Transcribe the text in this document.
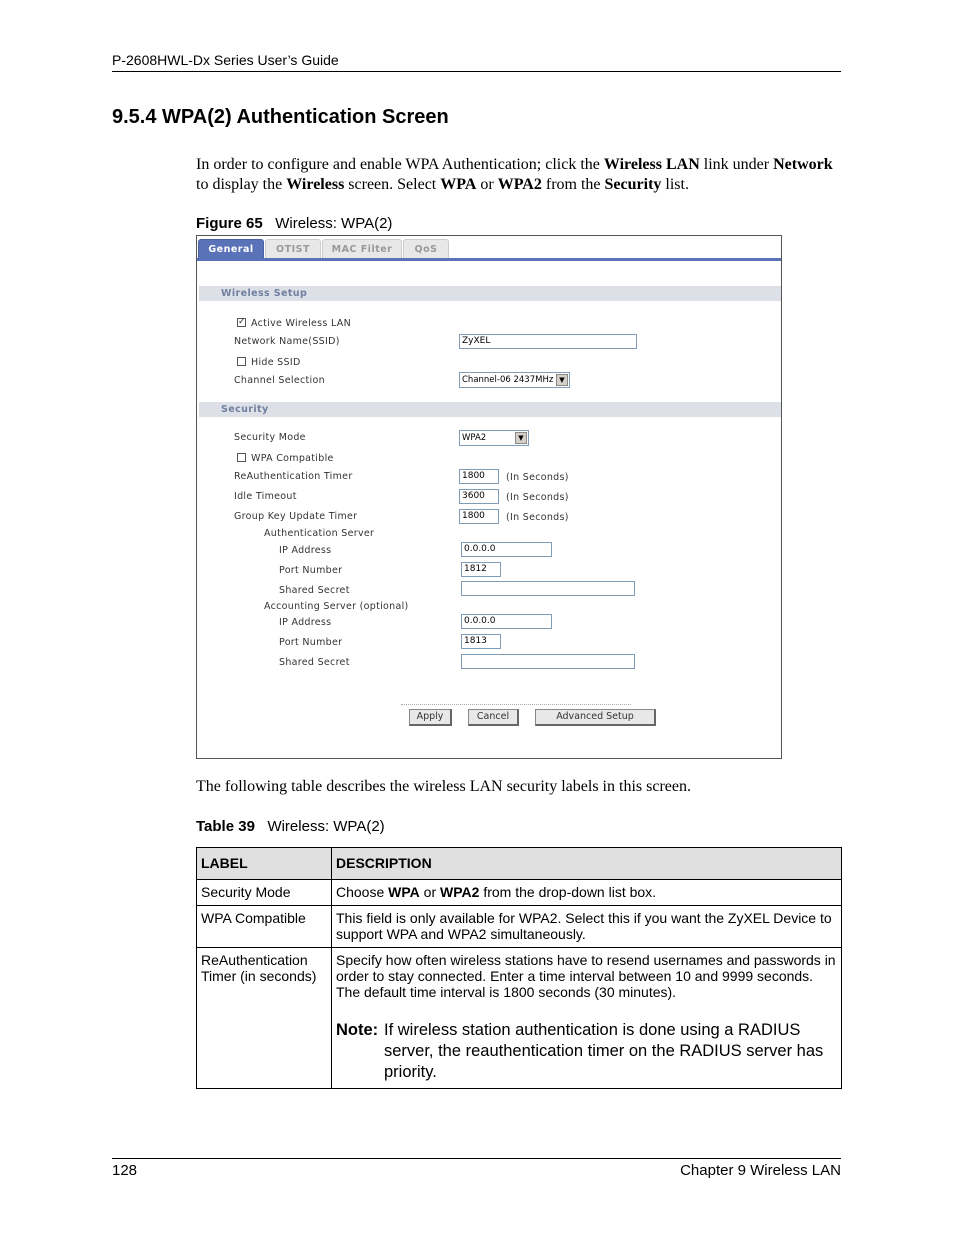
P-2608HWL-Dx Series User’s Guide
9.5.4 WPA(2) Authentication Screen
In order to configure and enable WPA Authentication; click the Wireless LAN link under Network to display the Wireless screen. Select WPA or WPA2 from the Security list.
Figure 65 Wireless: WPA(2)
General	OTIST	MAC Filter	QoS
Wireless Setup
✓ Active Wireless LAN
Network Name(SSID)	ZyXEL
Hide SSID
Channel Selection	Channel-06 2437MHz ▼
Security
Security Mode	WPA2	▼
WPA Compatible
ReAuthentication Timer	1800	(In Seconds)
Idle Timeout	3600	(In Seconds)
Group Key Update Timer	1800	(In Seconds)
Authentication Server
IP Address	0.0.0.0
Port Number	1812
Shared Secret
Accounting Server (optional)
IP Address	0.0.0.0
Port Number	1813
Shared Secret
Apply	Cancel	Advanced Setup
The following table describes the wireless LAN security labels in this screen.
Table 39 Wireless: WPA(2)
LABEL	DESCRIPTION
Security Mode	Choose WPA or WPA2 from the drop-down list box.
WPA Compatible	This field is only available for WPA2. Select this if you want the ZyXEL Device to support WPA and WPA2 simultaneously.
ReAuthentication Timer (in seconds)	Specify how often wireless stations have to resend usernames and passwords in order to stay connected. Enter a time interval between 10 and 9999 seconds. The default time interval is 1800 seconds (30 minutes).
Note: If wireless station authentication is done using a RADIUS server, the reauthentication timer on the RADIUS server has priority.
128	Chapter 9 Wireless LAN
